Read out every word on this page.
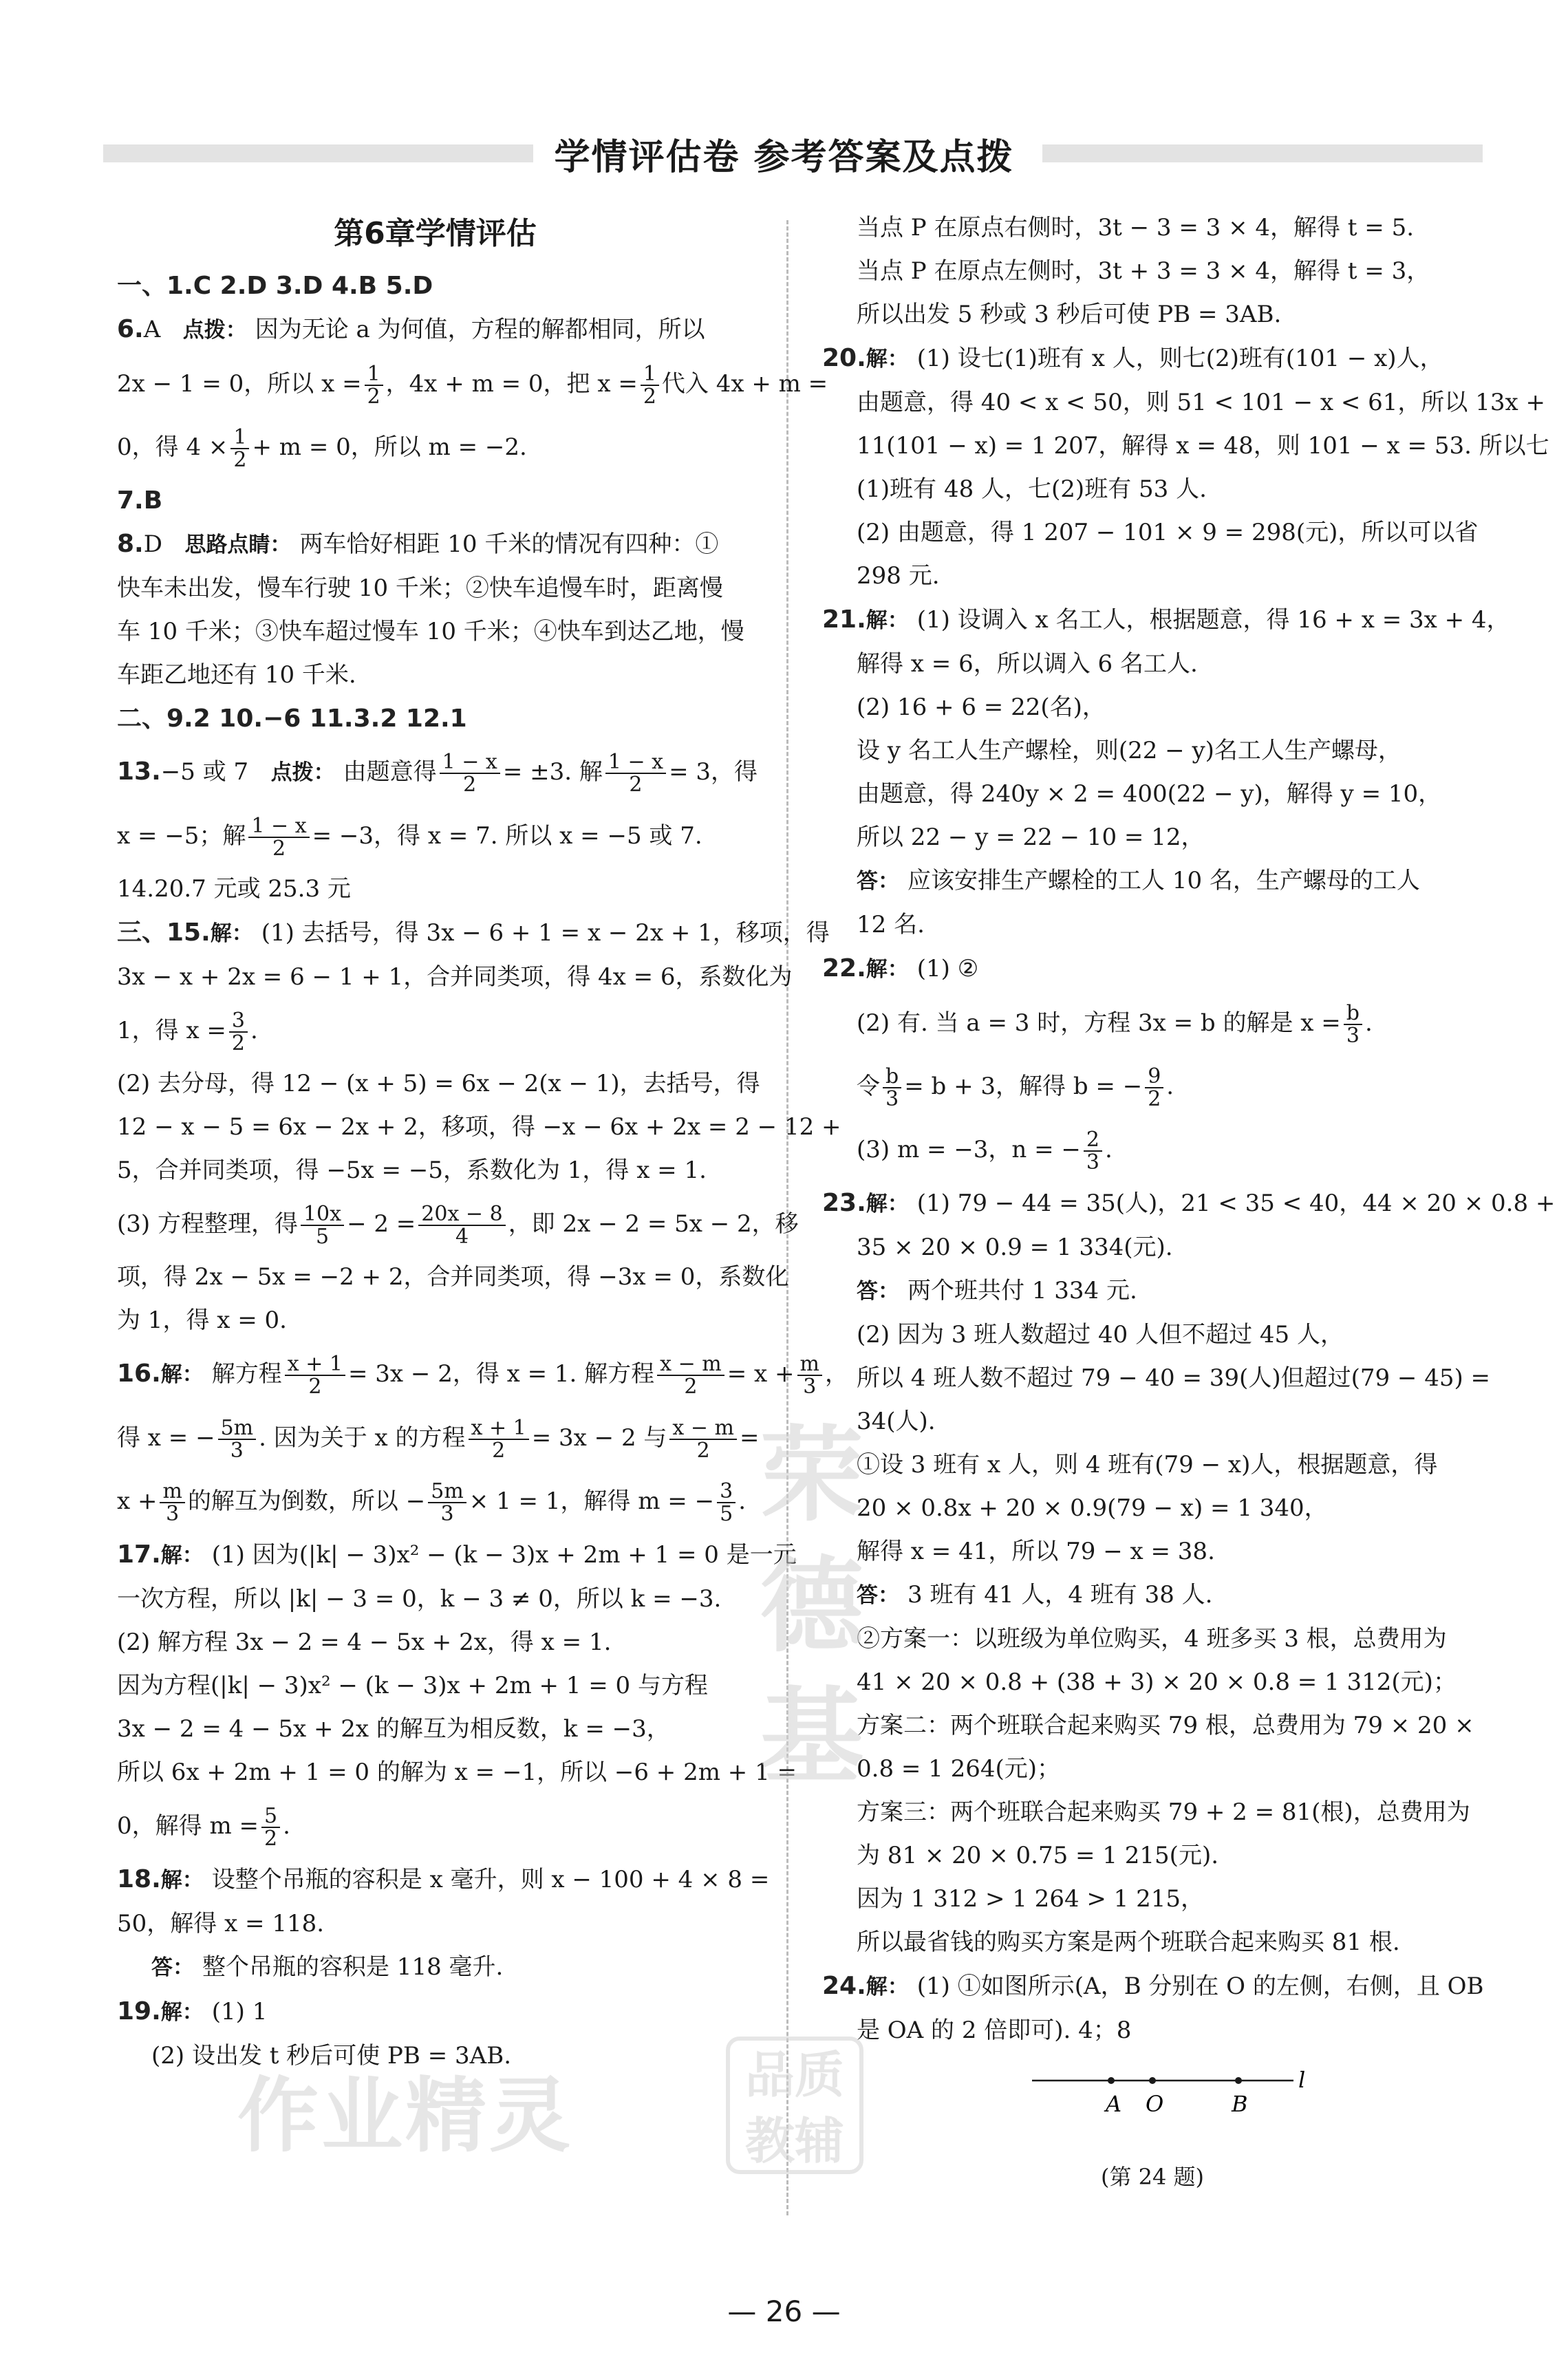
学情评估卷 参考答案及点拨
第6章学情评估
一、1.C 2.D 3.D 4.B 5.D
6.A 点拨： 因为无论 a 为何值，方程的解都相同，所以
2x − 1 = 0，所以 $x = \frac{1}{2}$ ，4x + m = 0，把 $x = \frac{1}{2}$ 代入 4x + m =
0，得 $4 \times \frac{1}{2} + m = 0$，所以 m = −2.
7.B
8.D 思路点睛： 两车恰好相距 10 千米的情况有四种：①
快车未出发，慢车行驶 10 千米；②快车追慢车时，距离慢
车 10 千米；③快车超过慢车 10 千米；④快车到达乙地，慢
车距乙地还有 10 千米.
二、9.2 10.−6 11.3.2 12.1
13.−5 或 7 点拨： 由题意得 $\frac{1 - x}{2} = \pm 3$. 解 $\frac{1 - x}{2} = 3$，得
x = −5；解 $\frac{1 - x}{2} = -3$，得 x = 7. 所以 x = −5 或 7.
14.20.7 元或 25.3 元
三、15.解： (1) 去括号，得 3x − 6 + 1 = x − 2x + 1，移项，得
3x − x + 2x = 6 − 1 + 1，合并同类项，得 4x = 6，系数化为
1，得 $x = \frac{3}{2}$ .
(2) 去分母，得 12 − (x + 5) = 6x − 2(x − 1)，去括号，得
12 − x − 5 = 6x − 2x + 2，移项，得 −x − 6x + 2x = 2 − 12 +
5，合并同类项，得 −5x = −5，系数化为 1，得 x = 1.
(3) 方程整理，得 $\frac{10x}{5} - 2 = \frac{20x - 8}{4}$ ，即 2x − 2 = 5x − 2，移
项，得 2x − 5x = −2 + 2，合并同类项，得 −3x = 0，系数化
为 1，得 x = 0.
16.解： 解方程 $\frac{x + 1}{2} = 3x - 2$，得 x = 1. 解方程 $\frac{x - m}{2} = x + \frac{m}{3}$ ，
得 x = − $\frac{5m}{3}$ . 因为关于 x 的方程 $\frac{x + 1}{2} = 3x - 2$ 与 $\frac{x - m}{2}$ =
$x + \frac{m}{3}$ 的解互为倒数，所以 − $\frac{5m}{3} \times 1 = 1$，解得 m = − $\frac{3}{5}$ .
17.解： (1) 因为(|k| − 3)x² − (k − 3)x + 2m + 1 = 0 是一元
一次方程，所以 |k| − 3 = 0，k − 3 ≠ 0，所以 k = −3.
(2) 解方程 3x − 2 = 4 − 5x + 2x，得 x = 1.
因为方程(|k| − 3)x² − (k − 3)x + 2m + 1 = 0 与方程
3x − 2 = 4 − 5x + 2x 的解互为相反数，k = −3，
所以 6x + 2m + 1 = 0 的解为 x = −1，所以 −6 + 2m + 1 =
0，解得 $m = \frac{5}{2}$ .
18.解： 设整个吊瓶的容积是 x 毫升，则 x − 100 + 4 × 8 =
50，解得 x = 118.
答： 整个吊瓶的容积是 118 毫升.
19.解： (1) 1
(2) 设出发 t 秒后可使 PB = 3AB.
当点 P 在原点右侧时，3t − 3 = 3 × 4，解得 t = 5.
当点 P 在原点左侧时，3t + 3 = 3 × 4，解得 t = 3，
所以出发 5 秒或 3 秒后可使 PB = 3AB.
20.解： (1) 设七(1)班有 x 人，则七(2)班有(101 − x)人，
由题意，得 40 < x < 50，则 51 < 101 − x < 61，所以 13x +
11(101 − x) = 1 207，解得 x = 48，则 101 − x = 53. 所以七
(1)班有 48 人，七(2)班有 53 人.
(2) 由题意，得 1 207 − 101 × 9 = 298(元)，所以可以省
298 元.
21.解： (1) 设调入 x 名工人，根据题意，得 16 + x = 3x + 4，
解得 x = 6，所以调入 6 名工人.
(2) 16 + 6 = 22(名)，
设 y 名工人生产螺栓，则(22 − y)名工人生产螺母，
由题意，得 240y × 2 = 400(22 − y)，解得 y = 10，
所以 22 − y = 22 − 10 = 12，
答： 应该安排生产螺栓的工人 10 名，生产螺母的工人
12 名.
22.解： (1) ②
(2) 有. 当 a = 3 时，方程 3x = b 的解是 $x = \frac{b}{3}$ .
令 $\frac{b}{3} = b + 3$，解得 b = − $\frac{9}{2}$ .
(3) m = −3，n = − $\frac{2}{3}$ .
23.解： (1) 79 − 44 = 35(人)，21 < 35 < 40，44 × 20 × 0.8 +
35 × 20 × 0.9 = 1 334(元).
答： 两个班共付 1 334 元.
(2) 因为 3 班人数超过 40 人但不超过 45 人，
所以 4 班人数不超过 79 − 40 = 39(人)但超过(79 − 45) =
34(人).
①设 3 班有 x 人，则 4 班有(79 − x)人，根据题意，得
20 × 0.8x + 20 × 0.9(79 − x) = 1 340，
解得 x = 41，所以 79 − x = 38.
答： 3 班有 41 人，4 班有 38 人.
②方案一：以班级为单位购买，4 班多买 3 根，总费用为
41 × 20 × 0.8 + (38 + 3) × 20 × 0.8 = 1 312(元)；
方案二：两个班联合起来购买 79 根，总费用为 79 × 20 ×
0.8 = 1 264(元)；
方案三：两个班联合起来购买 79 + 2 = 81(根)，总费用为
为 81 × 20 × 0.75 = 1 215(元).
因为 1 312 > 1 264 > 1 215，
所以最省钱的购买方案是两个班联合起来购买 81 根.
24.解： (1) ①如图所示(A，B 分别在 O 的左侧，右侧，且 OB
是 OA 的 2 倍即可). 4；8
A O	B
l
(第 24 题)
荣德基
作业精灵	品质教辅
— 26 —
